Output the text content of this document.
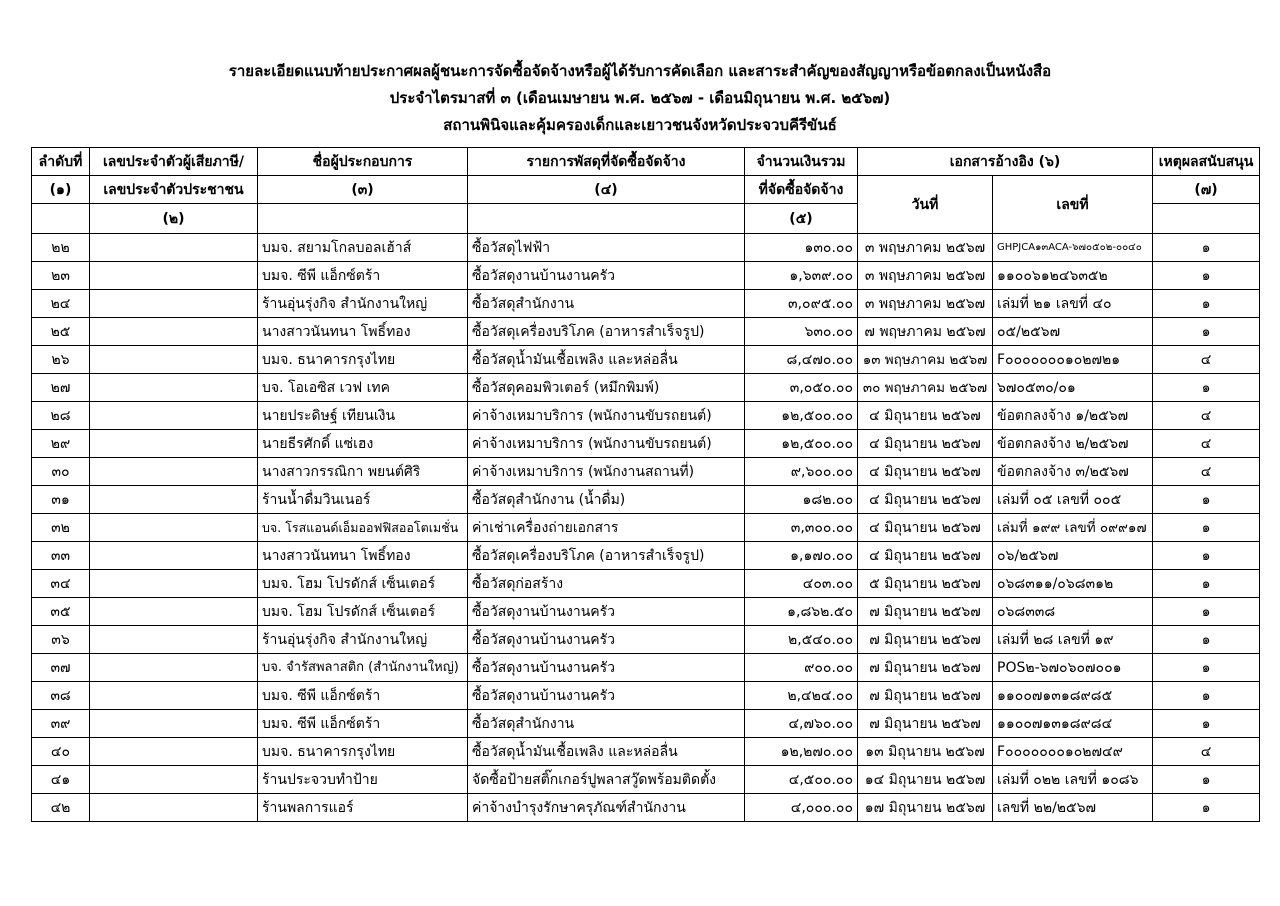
รายละเอียดแนบท้ายประกาศผลผู้ชนะการจัดซื้อจัดจ้างหรือผู้ได้รับการคัดเลือก และสาระสำคัญของสัญญาหรือข้อตกลงเป็นหนังสือ
ประจำไตรมาสที่ ๓ (เดือนเมษายน พ.ศ. ๒๕๖๗ - เดือนมิถุนายน พ.ศ. ๒๕๖๗)
สถานพินิจและคุ้มครองเด็กและเยาวชนจังหวัดประจวบคีรีขันธ์
ลำดับที่	เลขประจำตัวผู้เสียภาษี/	ชื่อผู้ประกอบการ	รายการพัสดุที่จัดซื้อจัดจ้าง	จำนวนเงินรวม	เอกสารอ้างอิง (๖)		เหตุผลสนับสนุน
(๑)	เลขประจำตัวประชาชน	(๓)	(๔)	ที่จัดซื้อจัดจ้าง	วันที่	เลขที่	(๗)
	(๒)			(๕)			
๒๒		บมจ. สยามโกลบอลเฮ้าส์	ซื้อวัสดุไฟฟ้า	๑๓๐.๐๐	๓ พฤษภาคม ๒๕๖๗	GHPJCA๑๓ACA-๖๗๐๕๐๒-๐๐๔๐	๑
๒๓		บมจ. ซีพี แอ็กซ์ตร้า	ซื้อวัสดุงานบ้านงานครัว	๑,๖๓๙.๐๐	๓ พฤษภาคม ๒๕๖๗	๑๑๐๐๖๑๒๔๖๓๕๒	๑
๒๔		ร้านอุ่นรุ่งกิจ สำนักงานใหญ่	ซื้อวัสดุสำนักงาน	๓,๐๙๕.๐๐	๓ พฤษภาคม ๒๕๖๗	เล่มที่ ๒๑ เลขที่ ๔๐	๑
๒๕		นางสาวนันทนา โพธิ์ทอง	ซื้อวัสดุเครื่องบริโภค (อาหารสำเร็จรูป)	๖๓๐.๐๐	๗ พฤษภาคม ๒๕๖๗	๐๕/๒๕๖๗	๑
๒๖		บมจ. ธนาคารกรุงไทย	ซื้อวัสดุน้ำมันเชื้อเพลิง และหล่อลื่น	๘,๔๗๐.๐๐	๑๓ พฤษภาคม ๒๕๖๗	F๐๐๐๐๐๐๐๑๐๒๗๒๑	๔
๒๗		บจ. โอเอซิส เวฟ เทค	ซื้อวัสดุคอมพิวเตอร์ (หมึกพิมพ์)	๓,๐๕๐.๐๐	๓๐ พฤษภาคม ๒๕๖๗	๖๗๐๕๓๐/๐๑	๑
๒๘		นายประดิษฐ์ เทียนเงิน	ค่าจ้างเหมาบริการ (พนักงานขับรถยนต์)	๑๒,๕๐๐.๐๐	๔ มิถุนายน ๒๕๖๗	ข้อตกลงจ้าง ๑/๒๕๖๗	๔
๒๙		นายธีรศักดิ์ แซ่เฮง	ค่าจ้างเหมาบริการ (พนักงานขับรถยนต์)	๑๒,๕๐๐.๐๐	๔ มิถุนายน ๒๕๖๗	ข้อตกลงจ้าง ๒/๒๕๖๗	๔
๓๐		นางสาวกรรณิกา พยนต์ศิริ	ค่าจ้างเหมาบริการ (พนักงานสถานที่)	๙,๖๐๐.๐๐	๔ มิถุนายน ๒๕๖๗	ข้อตกลงจ้าง ๓/๒๕๖๗	๔
๓๑		ร้านน้ำดื่มวินเนอร์	ซื้อวัสดุสำนักงาน (น้ำดื่ม)	๑๘๒.๐๐	๔ มิถุนายน ๒๕๖๗	เล่มที่ ๐๕ เลขที่ ๐๐๕	๑
๓๒		บจ. โรสแอนด์เอ็มออฟฟิสออโตเมชั่น	ค่าเช่าเครื่องถ่ายเอกสาร	๓,๓๐๐.๐๐	๔ มิถุนายน ๒๕๖๗	เล่มที่ ๑๙๙ เลขที่ ๐๙๙๑๗	๑
๓๓		นางสาวนันทนา โพธิ์ทอง	ซื้อวัสดุเครื่องบริโภค (อาหารสำเร็จรูป)	๑,๑๗๐.๐๐	๔ มิถุนายน ๒๕๖๗	๐๖/๒๕๖๗	๑
๓๔		บมจ. โฮม โปรดักส์ เซ็นเตอร์	ซื้อวัสดุก่อสร้าง	๔๐๓.๐๐	๕ มิถุนายน ๒๕๖๗	๐๖๘๓๑๑/๐๖๘๓๑๒	๑
๓๕		บมจ. โฮม โปรดักส์ เซ็นเตอร์	ซื้อวัสดุงานบ้านงานครัว	๑,๘๖๒.๕๐	๗ มิถุนายน ๒๕๖๗	๐๖๘๓๓๘	๑
๓๖		ร้านอุ่นรุ่งกิจ สำนักงานใหญ่	ซื้อวัสดุงานบ้านงานครัว	๒,๕๔๐.๐๐	๗ มิถุนายน ๒๕๖๗	เล่มที่ ๒๘ เลขที่ ๑๙	๑
๓๗		บจ. จำรัสพลาสติก (สำนักงานใหญ่)	ซื้อวัสดุงานบ้านงานครัว	๙๐๐.๐๐	๗ มิถุนายน ๒๕๖๗	POS๒-๖๗๐๖๐๗๐๐๑	๑
๓๘		บมจ. ซีพี แอ็กซ์ตร้า	ซื้อวัสดุงานบ้านงานครัว	๒,๔๒๔.๐๐	๗ มิถุนายน ๒๕๖๗	๑๑๐๐๗๑๓๑๘๙๘๕	๑
๓๙		บมจ. ซีพี แอ็กซ์ตร้า	ซื้อวัสดุสำนักงาน	๔,๗๖๐.๐๐	๗ มิถุนายน ๒๕๖๗	๑๑๐๐๗๑๓๑๘๙๘๔	๑
๔๐		บมจ. ธนาคารกรุงไทย	ซื้อวัสดุน้ำมันเชื้อเพลิง และหล่อลื่น	๑๒,๒๗๐.๐๐	๑๓ มิถุนายน ๒๕๖๗	F๐๐๐๐๐๐๐๑๐๒๗๔๙	๔
๔๑		ร้านประจวบทำป้าย	จัดซื้อป้ายสติ๊กเกอร์ปูพลาสวู๊ดพร้อมติดตั้ง	๔,๕๐๐.๐๐	๑๔ มิถุนายน ๒๕๖๗	เล่มที่ ๐๒๒ เลขที่ ๑๐๘๖	๑
๔๒		ร้านพลการแอร์	ค่าจ้างบำรุงรักษาครุภัณฑ์สำนักงาน	๔,๐๐๐.๐๐	๑๗ มิถุนายน ๒๕๖๗	เลขที่ ๒๒/๒๕๖๗	๑
